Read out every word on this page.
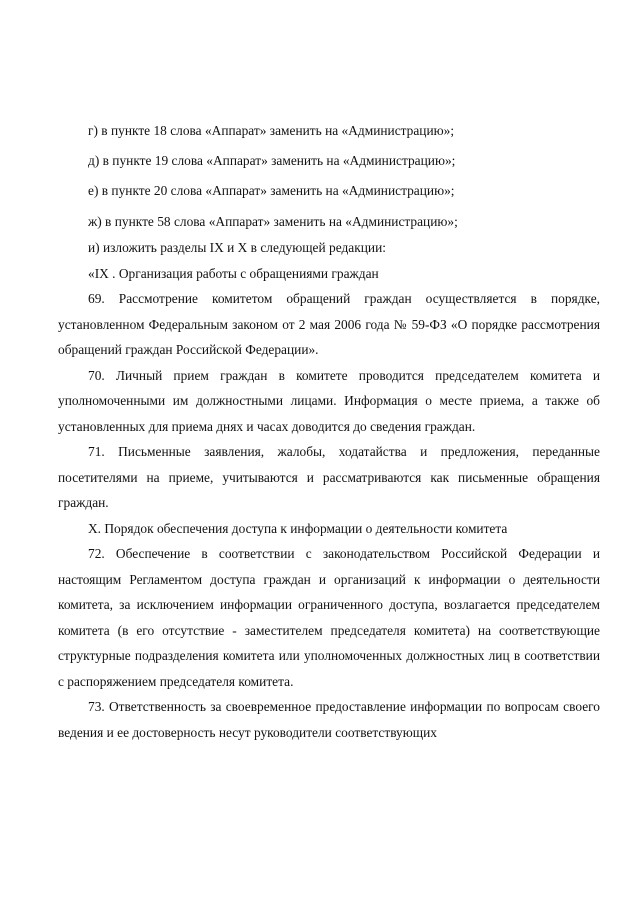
г) в пункте 18 слова «Аппарат» заменить на «Администрацию»;

д) в пункте 19 слова «Аппарат» заменить на «Администрацию»;

е) в пункте 20 слова «Аппарат» заменить на «Администрацию»;

ж) в пункте 58 слова «Аппарат» заменить на «Администрацию»;

и) изложить разделы IX и X в следующей редакции:

«IX . Организация работы с обращениями граждан

69. Рассмотрение комитетом обращений граждан осуществляется в порядке, установленном Федеральным законом от 2 мая 2006 года № 59-ФЗ «О порядке рассмотрения обращений граждан Российской Федерации».

70. Личный прием граждан в комитете проводится председателем комитета и уполномоченными им должностными лицами. Информация о месте приема, а также об установленных для приема днях и часах доводится до сведения граждан.

71. Письменные заявления, жалобы, ходатайства и предложения, переданные посетителями на приеме, учитываются и рассматриваются как письменные обращения граждан.

X. Порядок обеспечения доступа к информации о деятельности комитета

72. Обеспечение в соответствии с законодательством Российской Федерации и настоящим Регламентом доступа граждан и организаций к информации о деятельности комитета, за исключением информации ограниченного доступа, возлагается председателем комитета (в его отсутствие - заместителем председателя комитета) на соответствующие структурные подразделения комитета или уполномоченных должностных лиц в соответствии с распоряжением председателя комитета.

73. Ответственность за своевременное предоставление информации по вопросам своего ведения и ее достоверность несут руководители соответствующих
